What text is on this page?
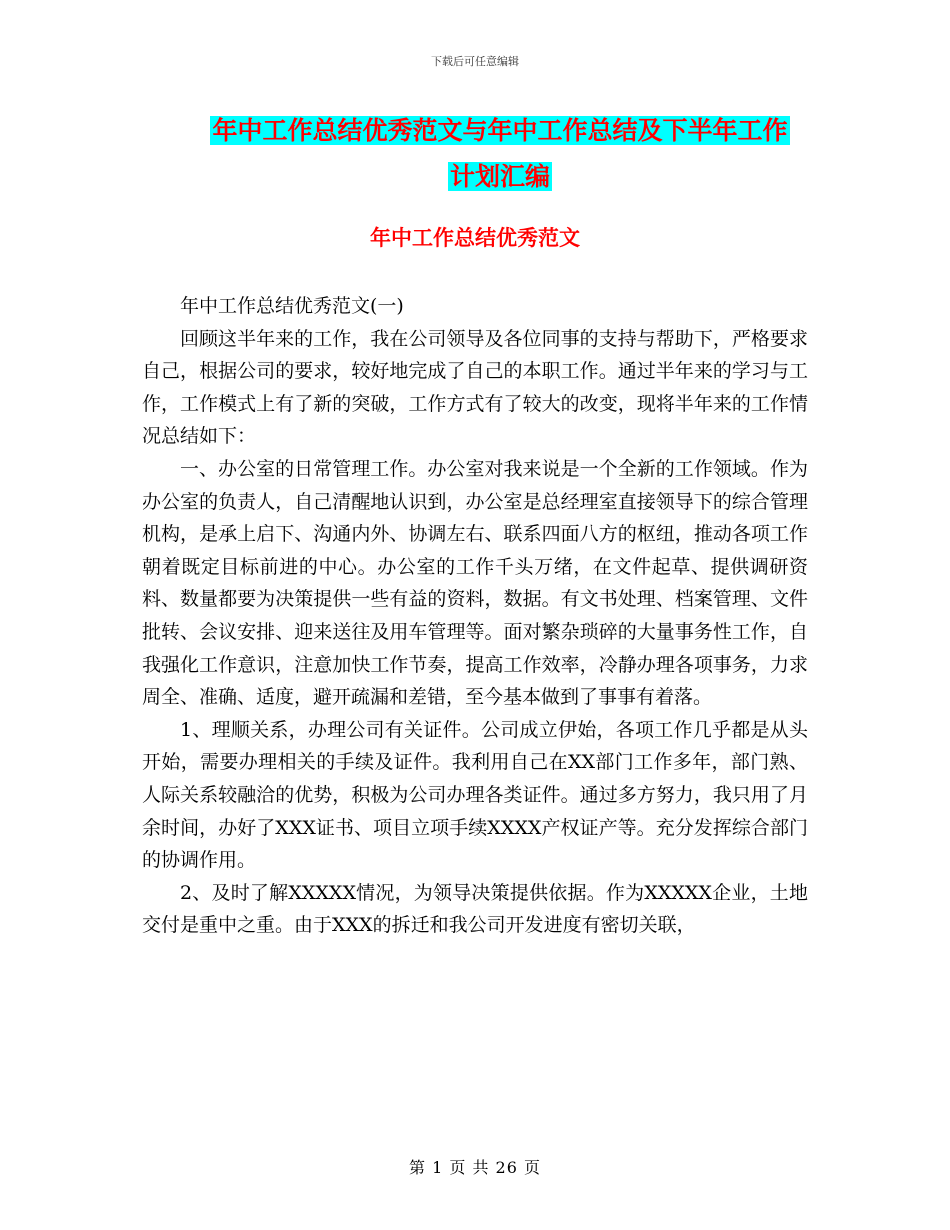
下载后可任意编辑
年中工作总结优秀范文与年中工作总结及下半年工作
计划汇编
年中工作总结优秀范文

年中工作总结优秀范文(一)

回顾这半年来的工作，我在公司领导及各位同事的支持与帮助下，严格要求自己，根据公司的要求，较好地完成了自己的本职工作。通过半年来的学习与工作，工作模式上有了新的突破，工作方式有了较大的改变，现将半年来的工作情况总结如下：

一、办公室的日常管理工作。办公室对我来说是一个全新的工作领域。作为办公室的负责人，自己清醒地认识到，办公室是总经理室直接领导下的综合管理机构，是承上启下、沟通内外、协调左右、联系四面八方的枢纽，推动各项工作朝着既定目标前进的中心。办公室的工作千头万绪，在文件起草、提供调研资料、数量都要为决策提供一些有益的资料，数据。有文书处理、档案管理、文件批转、会议安排、迎来送往及用车管理等。面对繁杂琐碎的大量事务性工作，自我强化工作意识，注意加快工作节奏，提高工作效率，冷静办理各项事务，力求周全、准确、适度，避开疏漏和差错，至今基本做到了事事有着落。

1、理顺关系，办理公司有关证件。公司成立伊始，各项工作几乎都是从头开始，需要办理相关的手续及证件。我利用自己在XX部门工作多年，部门熟、人际关系较融洽的优势，积极为公司办理各类证件。通过多方努力，我只用了月余时间，办好了XXX证书、项目立项手续XXXX产权证产等。充分发挥综合部门的协调作用。

2、及时了解XXXXX情况，为领导决策提供依据。作为XXXXX企业，土地交付是重中之重。由于XXX的拆迁和我公司开发进度有密切关联，

第 1 页 共 26 页
